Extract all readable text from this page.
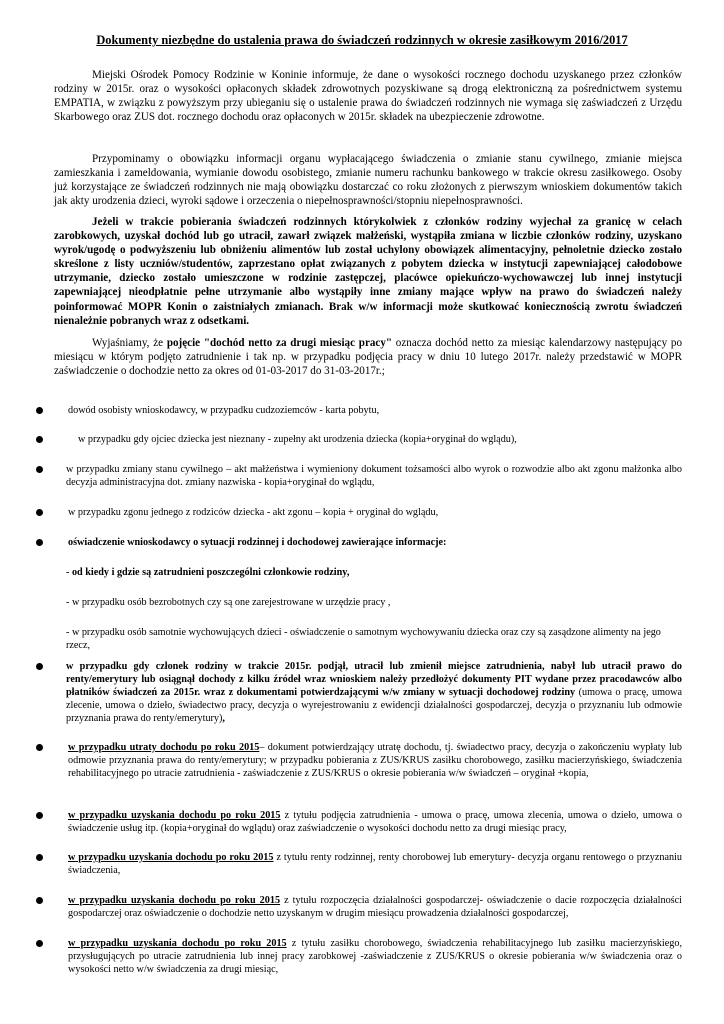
Dokumenty niezbędne do ustalenia prawa do świadczeń rodzinnych w okresie zasiłkowym 2016/2017

Miejski Ośrodek Pomocy Rodzinie w Koninie informuje, że dane o wysokości rocznego dochodu uzyskanego przez członków rodziny w 2015r. oraz o wysokości opłaconych składek zdrowotnych pozyskiwane są drogą elektroniczną za pośrednictwem systemu EMPATIA, w związku z powyższym przy ubieganiu się o ustalenie prawa do świadczeń rodzinnych nie wymaga się zaświadczeń z Urzędu Skarbowego oraz ZUS dot. rocznego dochodu oraz opłaconych w 2015r. składek na ubezpieczenie zdrowotne.

Przypominamy o obowiązku informacji organu wypłacającego świadczenia o zmianie stanu cywilnego, zmianie miejsca zamieszkania i zameldowania, wymianie dowodu osobistego, zmianie numeru rachunku bankowego w trakcie okresu zasiłkowego. Osoby już korzystające ze świadczeń rodzinnych nie mają obowiązku dostarczać co roku złożonych z pierwszym wnioskiem dokumentów takich jak akty urodzenia dzieci, wyroki sądowe i orzeczenia o niepełnosprawności/stopniu niepełnosprawności.

Jeżeli w trakcie pobierania świadczeń rodzinnych którykolwiek z członków rodziny wyjechał za granicę w celach zarobkowych, uzyskał dochód lub go utracił, zawarł związek małżeński, wystąpiła zmiana w liczbie członków rodziny, uzyskano wyrok/ugodę o podwyższeniu lub obniżeniu alimentów lub został uchylony obowiązek alimentacyjny, pełnoletnie dziecko zostało skreślone z listy uczniów/studentów, zaprzestano opłat związanych z pobytem dziecka w instytucji zapewniającej całodobowe utrzymanie, dziecko zostało umieszczone w rodzinie zastępczej, placówce opiekuńczo-wychowawczej lub innej instytucji zapewniającej nieodpłatnie pełne utrzymanie albo wystąpiły inne zmiany mające wpływ na prawo do świadczeń należy poinformować MOPR Konin o zaistniałych zmianach. Brak w/w informacji może skutkować koniecznością zwrotu świadczeń nienależnie pobranych wraz z odsetkami.

Wyjaśniamy, że pojęcie "dochód netto za drugi miesiąc pracy" oznacza dochód netto za miesiąc kalendarzowy następujący po miesiącu w którym podjęto zatrudnienie i tak np. w przypadku podjęcia pracy w dniu 10 lutego 2017r. należy przedstawić w MOPR zaświadczenie o dochodzie netto za okres od 01-03-2017 do 31-03-2017r.;

dowód osobisty wnioskodawcy, w przypadku cudzoziemców - karta pobytu,
w przypadku gdy ojciec dziecka jest nieznany - zupełny akt urodzenia dziecka (kopia+oryginał do wglądu),
w przypadku zmiany stanu cywilnego – akt małżeństwa i wymieniony dokument tożsamości albo wyrok o rozwodzie albo akt zgonu małżonka albo decyzja administracyjna dot. zmiany nazwiska - kopia+oryginał do wglądu,
w przypadku zgonu jednego z rodziców dziecka - akt zgonu – kopia + oryginał do wglądu,
oświadczenie wnioskodawcy o sytuacji rodzinnej i dochodowej zawierające informacje:

- od kiedy i gdzie są zatrudnieni poszczególni członkowie rodziny,

- w przypadku osób bezrobotnych czy są one zarejestrowane w urzędzie pracy ,

- w przypadku osób samotnie wychowujących dzieci - oświadczenie o samotnym wychowywaniu dziecka oraz czy są zasądzone alimenty na jego rzecz,

w przypadku gdy członek rodziny w trakcie 2015r. podjął, utracił lub zmienił miejsce zatrudnienia, nabył lub utracił prawo do renty/emerytury lub osiągnął dochody z kilku źródeł wraz wnioskiem należy przedłożyć dokumenty PIT wydane przez pracodawców albo płatników świadczeń za 2015r. wraz z dokumentami potwierdzającymi w/w zmiany w sytuacji dochodowej rodziny (umowa o pracę, umowa zlecenie, umowa o dzieło, świadectwo pracy, decyzja o wyrejestrowaniu z ewidencji działalności gospodarczej, decyzja o przyznaniu lub odmowie przyznania prawa do renty/emerytury),
w przypadku utraty dochodu po roku 2015– dokument potwierdzający utratę dochodu, tj. świadectwo pracy, decyzja o zakończeniu wypłaty lub odmowie przyznania prawa do renty/emerytury; w przypadku pobierania z ZUS/KRUS zasiłku chorobowego, zasiłku macierzyńskiego, świadczenia rehabilitacyjnego po utracie zatrudnienia - zaświadczenie z ZUS/KRUS o okresie pobierania w/w świadczeń – oryginał +kopia,
w przypadku uzyskania dochodu po roku 2015 z tytułu podjęcia zatrudnienia - umowa o pracę, umowa zlecenia, umowa o dzieło, umowa o świadczenie usług itp. (kopia+oryginał do wglądu) oraz zaświadczenie o wysokości dochodu netto za drugi miesiąc pracy,
w przypadku uzyskania dochodu po roku 2015 z tytułu renty rodzinnej, renty chorobowej lub emerytury- decyzja organu rentowego o przyznaniu świadczenia,
w przypadku uzyskania dochodu po roku 2015 z tytułu rozpoczęcia działalności gospodarczej- oświadczenie o dacie rozpoczęcia działalności gospodarczej oraz oświadczenie o dochodzie netto uzyskanym w drugim miesiącu prowadzenia działalności gospodarczej,
w przypadku uzyskania dochodu po roku 2015 z tytułu zasiłku chorobowego, świadczenia rehabilitacyjnego lub zasiłku macierzyńskiego, przysługujących po utracie zatrudnienia lub innej pracy zarobkowej -zaświadczenie z ZUS/KRUS o okresie pobierania w/w świadczenia oraz o wysokości netto w/w świadczenia za drugi miesiąc,
